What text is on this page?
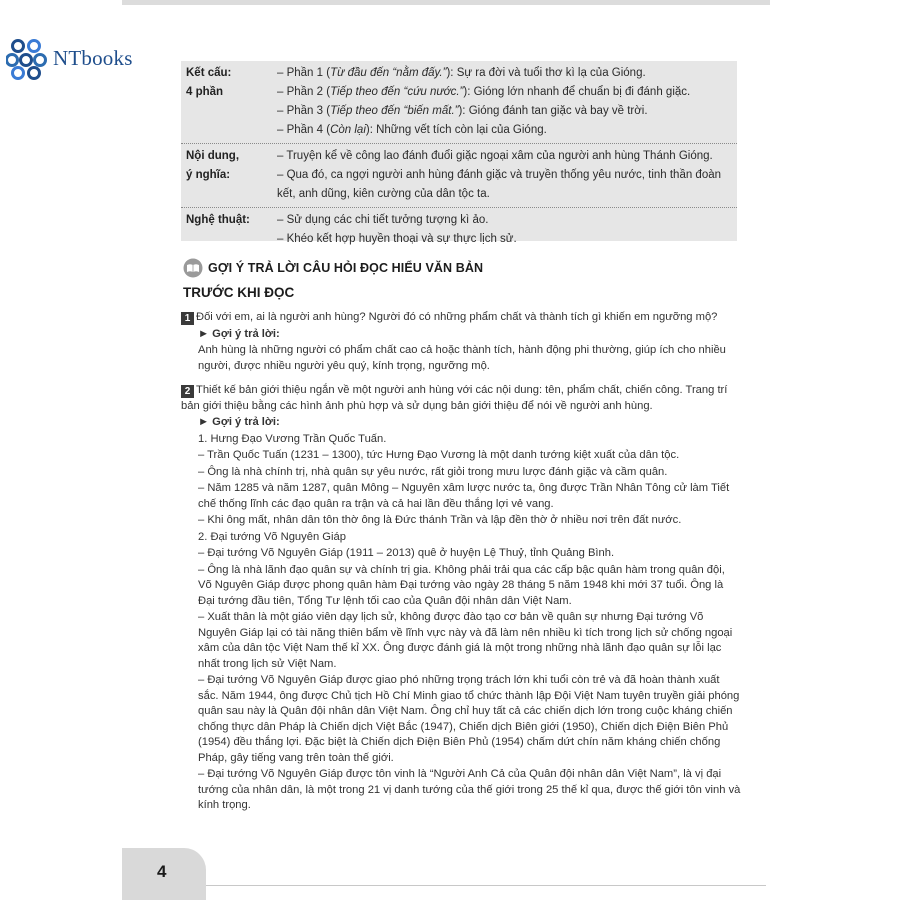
NTbooks
Kết cấu:
4 phần
– Phần 1 (Từ đầu đến “nằm đấy.”): Sự ra đời và tuổi thơ kì lạ của Gióng.
– Phần 2 (Tiếp theo đến “cứu nước.”): Gióng lớn nhanh để chuẩn bị đi đánh giặc.
– Phần 3 (Tiếp theo đến “biến mất.”): Gióng đánh tan giặc và bay về trời.
– Phần 4 (Còn lại): Những vết tích còn lại của Gióng.
Nội dung,
ý nghĩa:
– Truyện kể về công lao đánh đuổi giặc ngoại xâm của người anh hùng Thánh Gióng.
– Qua đó, ca ngợi người anh hùng đánh giặc và truyền thống yêu nước, tinh thần đoàn kết, anh dũng, kiên cường của dân tộc ta.
Nghệ thuật:	– Sử dụng các chi tiết tưởng tượng kì ảo.
– Khéo kết hợp huyền thoại và sự thực lịch sử.
GỢI Ý TRẢ LỜI CÂU HỎI ĐỌC HIỂU VĂN BẢN
TRƯỚC KHI ĐỌC
1 Đối với em, ai là người anh hùng? Người đó có những phẩm chất và thành tích gì khiến em ngưỡng mộ?
► Gợi ý trả lời:
Anh hùng là những người có phẩm chất cao cả hoặc thành tích, hành động phi thường, giúp ích cho nhiều người, được nhiều người yêu quý, kính trọng, ngưỡng mộ.
2 Thiết kế bản giới thiệu ngắn về một người anh hùng với các nội dung: tên, phẩm chất, chiến công. Trang trí bản giới thiệu bằng các hình ảnh phù hợp và sử dụng bản giới thiệu để nói về người anh hùng.
► Gợi ý trả lời:
1. Hưng Đạo Vương Trần Quốc Tuấn.
– Trần Quốc Tuấn (1231 – 1300), tức Hưng Đạo Vương là một danh tướng kiệt xuất của dân tộc.
– Ông là nhà chính trị, nhà quân sự yêu nước, rất giỏi trong mưu lược đánh giặc và cầm quân.
– Năm 1285 và năm 1287, quân Mông – Nguyên xâm lược nước ta, ông được Trần Nhân Tông cử làm Tiết chế thống lĩnh các đạo quân ra trận và cả hai lần đều thắng lợi vẻ vang.
– Khi ông mất, nhân dân tôn thờ ông là Đức thánh Trần và lập đền thờ ở nhiều nơi trên đất nước.
2. Đại tướng Võ Nguyên Giáp
– Đại tướng Võ Nguyên Giáp (1911 – 2013) quê ở huyện Lệ Thuỷ, tỉnh Quảng Bình.
– Ông là nhà lãnh đạo quân sự và chính trị gia. Không phải trải qua các cấp bậc quân hàm trong quân đội, Võ Nguyên Giáp được phong quân hàm Đại tướng vào ngày 28 tháng 5 năm 1948 khi mới 37 tuổi. Ông là Đại tướng đầu tiên, Tổng Tư lệnh tối cao của Quân đội nhân dân Việt Nam.
– Xuất thân là một giáo viên dạy lịch sử, không được đào tạo cơ bản về quân sự nhưng Đại tướng Võ Nguyên Giáp lại có tài năng thiên bẩm về lĩnh vực này và đã làm nên nhiều kì tích trong lịch sử chống ngoại xâm của dân tộc Việt Nam thế kỉ XX. Ông được đánh giá là một trong những nhà lãnh đạo quân sự lỗi lạc nhất trong lịch sử Việt Nam.
– Đại tướng Võ Nguyên Giáp được giao phó những trọng trách lớn khi tuổi còn trẻ và đã hoàn thành xuất sắc. Năm 1944, ông được Chủ tịch Hồ Chí Minh giao tổ chức thành lập Đội Việt Nam tuyên truyền giải phóng quân sau này là Quân đội nhân dân Việt Nam. Ông chỉ huy tất cả các chiến dịch lớn trong cuộc kháng chiến chống thực dân Pháp là Chiến dịch Việt Bắc (1947), Chiến dịch Biên giới (1950), Chiến dịch Điện Biên Phủ (1954) đều thắng lợi. Đặc biệt là Chiến dịch Điện Biên Phủ (1954) chấm dứt chín năm kháng chiến chống Pháp, gây tiếng vang trên toàn thế giới.
– Đại tướng Võ Nguyên Giáp được tôn vinh là “Người Anh Cả của Quân đội nhân dân Việt Nam”, là vị đại tướng của nhân dân, là một trong 21 vị danh tướng của thế giới trong 25 thế kỉ qua, được thế giới tôn vinh và kính trọng.
4
